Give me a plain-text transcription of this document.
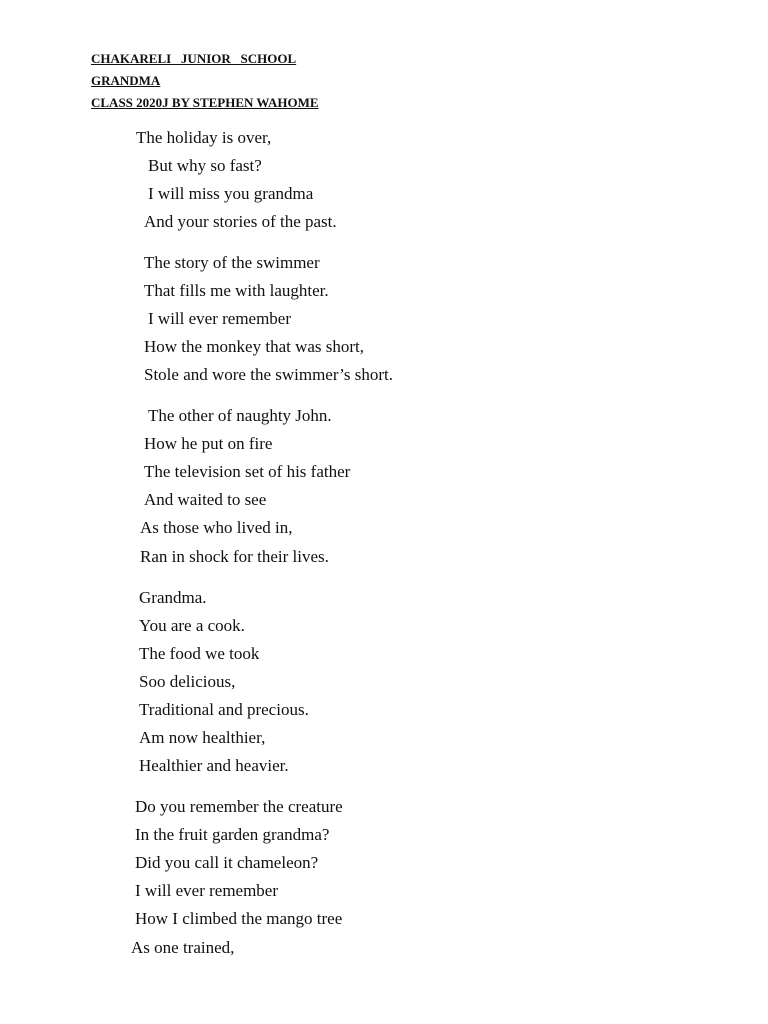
CHAKARELI   JUNIOR   SCHOOL
GRANDMA
CLASS 2020J BY STEPHEN WAHOME
The holiday is over,
But why so fast?
I will miss you grandma
And your stories of the past.
The story of the swimmer
That fills me with laughter.
I will ever remember
How the monkey that was short,
Stole and wore the swimmer’s short.
The other of naughty John.
How he put on fire
The television set of his father
And waited to see
As those who lived in,
Ran in shock for their lives.
Grandma.
You are a cook.
The food we took
Soo delicious,
Traditional and precious.
Am now healthier,
Healthier and heavier.
Do you remember the creature
In the fruit garden grandma?
Did you call it chameleon?
I will ever remember
How I climbed the mango tree
As one trained,
